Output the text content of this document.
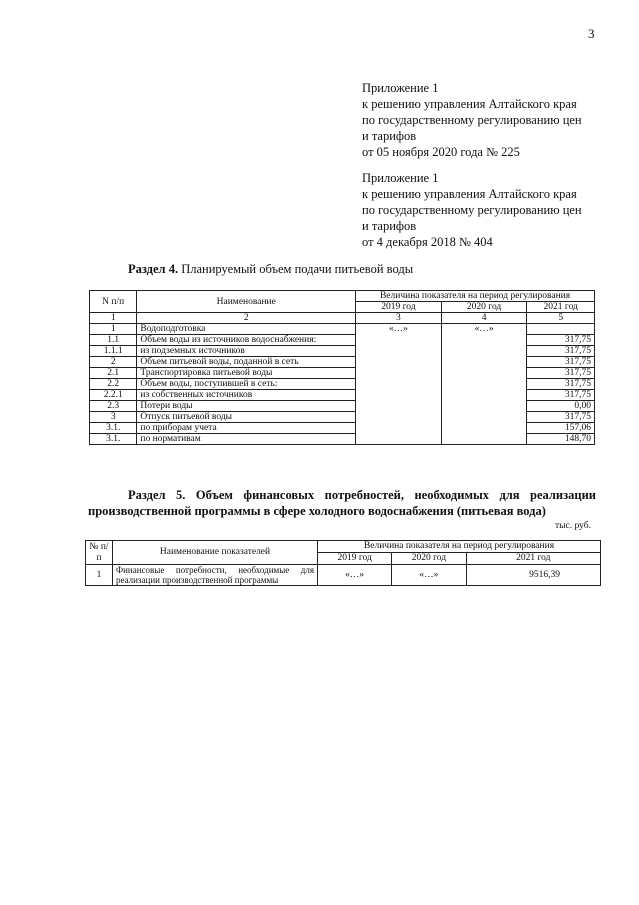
3
Приложение 1
к решению управления Алтайского края
по государственному регулированию цен
и тарифов
от 05 ноября 2020 года № 225
Приложение 1
к решению управления Алтайского края
по государственному регулированию цен
и тарифов
от 4 декабря 2018 № 404
Раздел 4. Планируемый объем подачи питьевой воды
N п/п	Наименование	Величина показателя на период регулирования		
		2019 год	2020 год	2021 год
1	2	3	4	5
1	Водоподготовка	«…»	«…»	
1.1	Объем воды из источников водоснабжения:			317,75
1.1.1	из подземных источников			317,75
2	Объем питьевой воды, поданной в сеть			317,75
2.1	Транспортировка питьевой воды			317,75
2.2	Объем воды, поступившей в сеть:			317,75
2.2.1	из собственных источников			317,75
2.3	Потери воды			0,00
3	Отпуск питьевой воды			317,75
3.1.	по приборам учета			157,06
3.1.	по нормативам			148,70
Раздел 5. Объем финансовых потребностей, необходимых для реализации
производственной программы в сфере холодного водоснабжения (питьевая вода)
тыс. руб.
№ п/п	Наименование показателей	Величина показателя на период регулирования		
		2019 год	2020 год	2021 год
1	Финансовые потребности, необходимые для реализации производственной программы	«…»	«…»	9516,39
